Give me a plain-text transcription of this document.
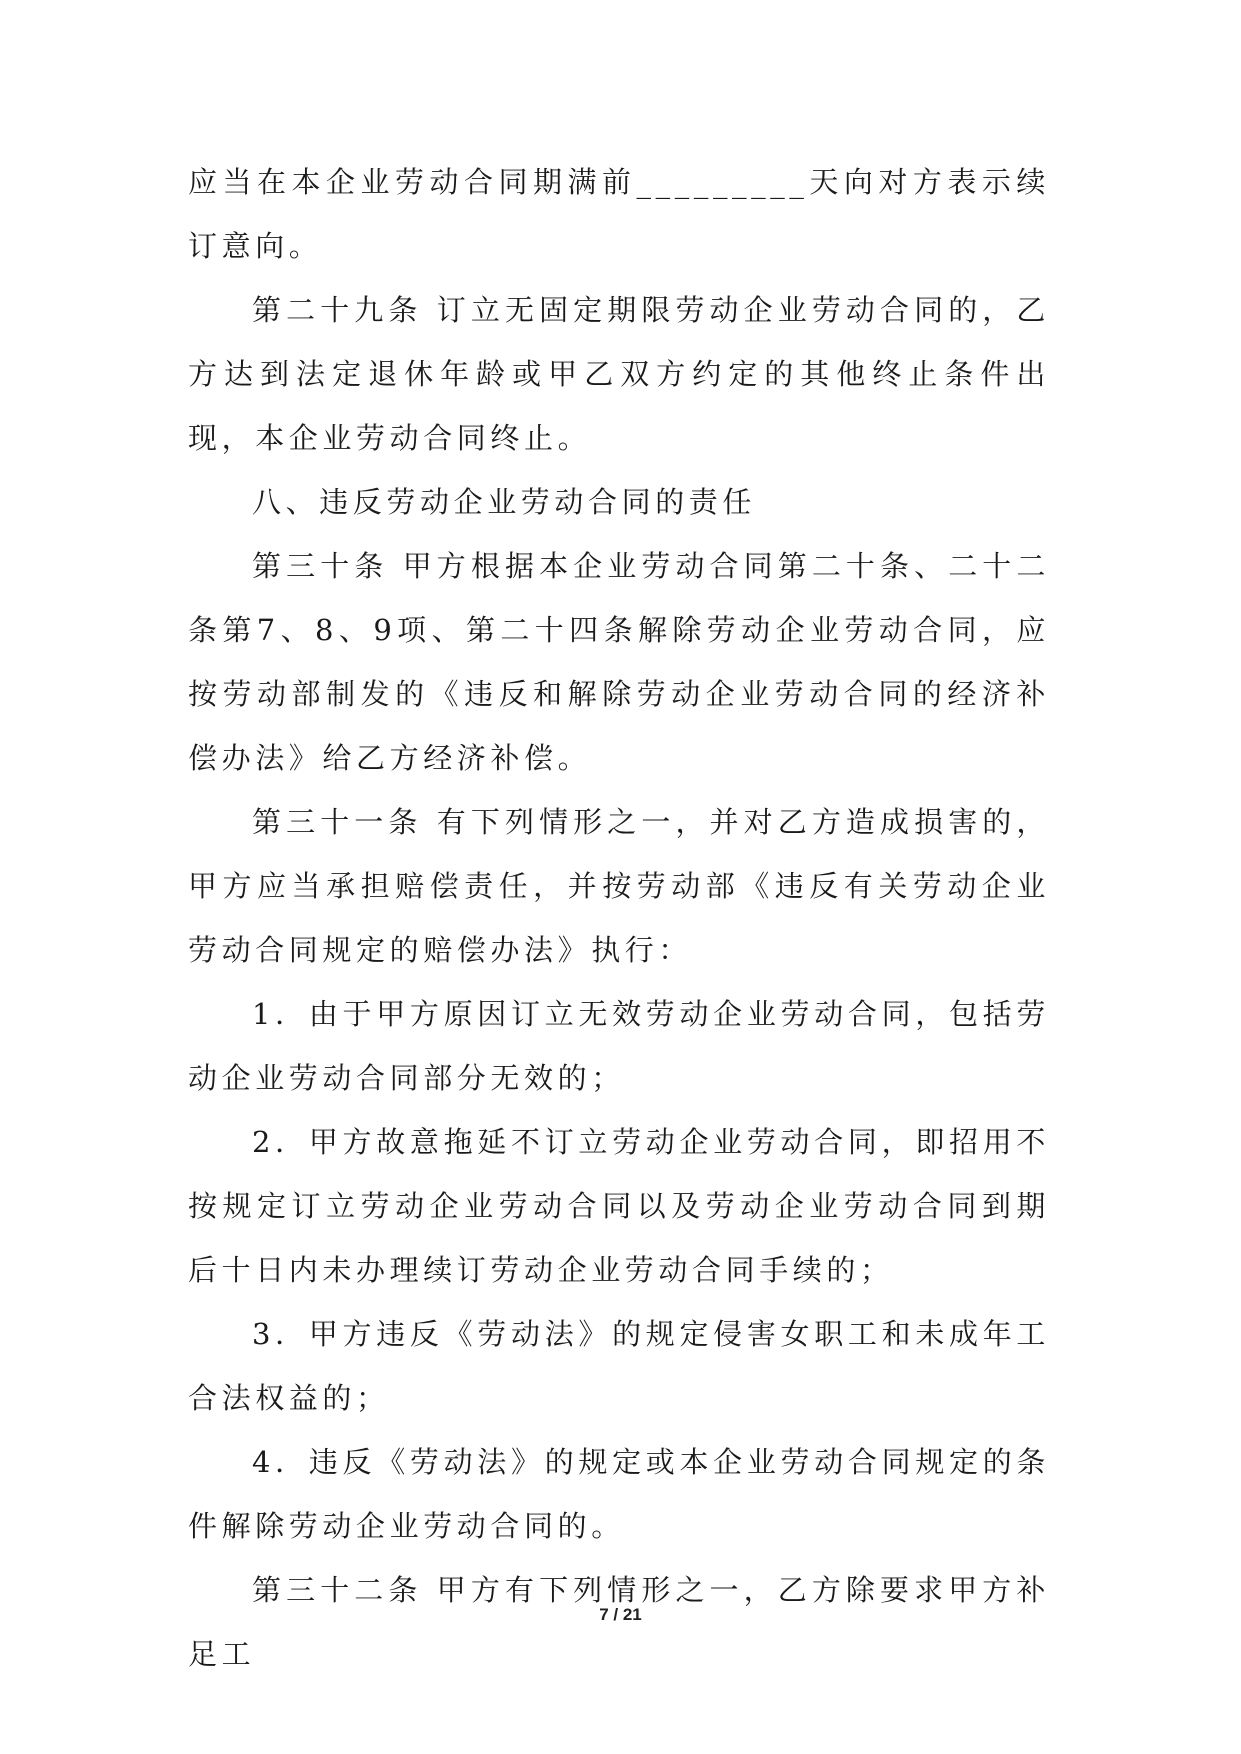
应当在本企业劳动合同期满前_________天向对方表示续订意向。

第二十九条 订立无固定期限劳动企业劳动合同的，乙方达到法定退休年龄或甲乙双方约定的其他终止条件出现，本企业劳动合同终止。

八、违反劳动企业劳动合同的责任

第三十条 甲方根据本企业劳动合同第二十条、二十二条第7、8、9项、第二十四条解除劳动企业劳动合同，应按劳动部制发的《违反和解除劳动企业劳动合同的经济补偿办法》给乙方经济补偿。

第三十一条 有下列情形之一，并对乙方造成损害的，甲方应当承担赔偿责任，并按劳动部《违反有关劳动企业劳动合同规定的赔偿办法》执行：

1．由于甲方原因订立无效劳动企业劳动合同，包括劳动企业劳动合同部分无效的；

2．甲方故意拖延不订立劳动企业劳动合同，即招用不按规定订立劳动企业劳动合同以及劳动企业劳动合同到期后十日内未办理续订劳动企业劳动合同手续的；

3．甲方违反《劳动法》的规定侵害女职工和未成年工合法权益的；

4．违反《劳动法》的规定或本企业劳动合同规定的条件解除劳动企业劳动合同的。

第三十二条 甲方有下列情形之一，乙方除要求甲方补足工

7 / 21
